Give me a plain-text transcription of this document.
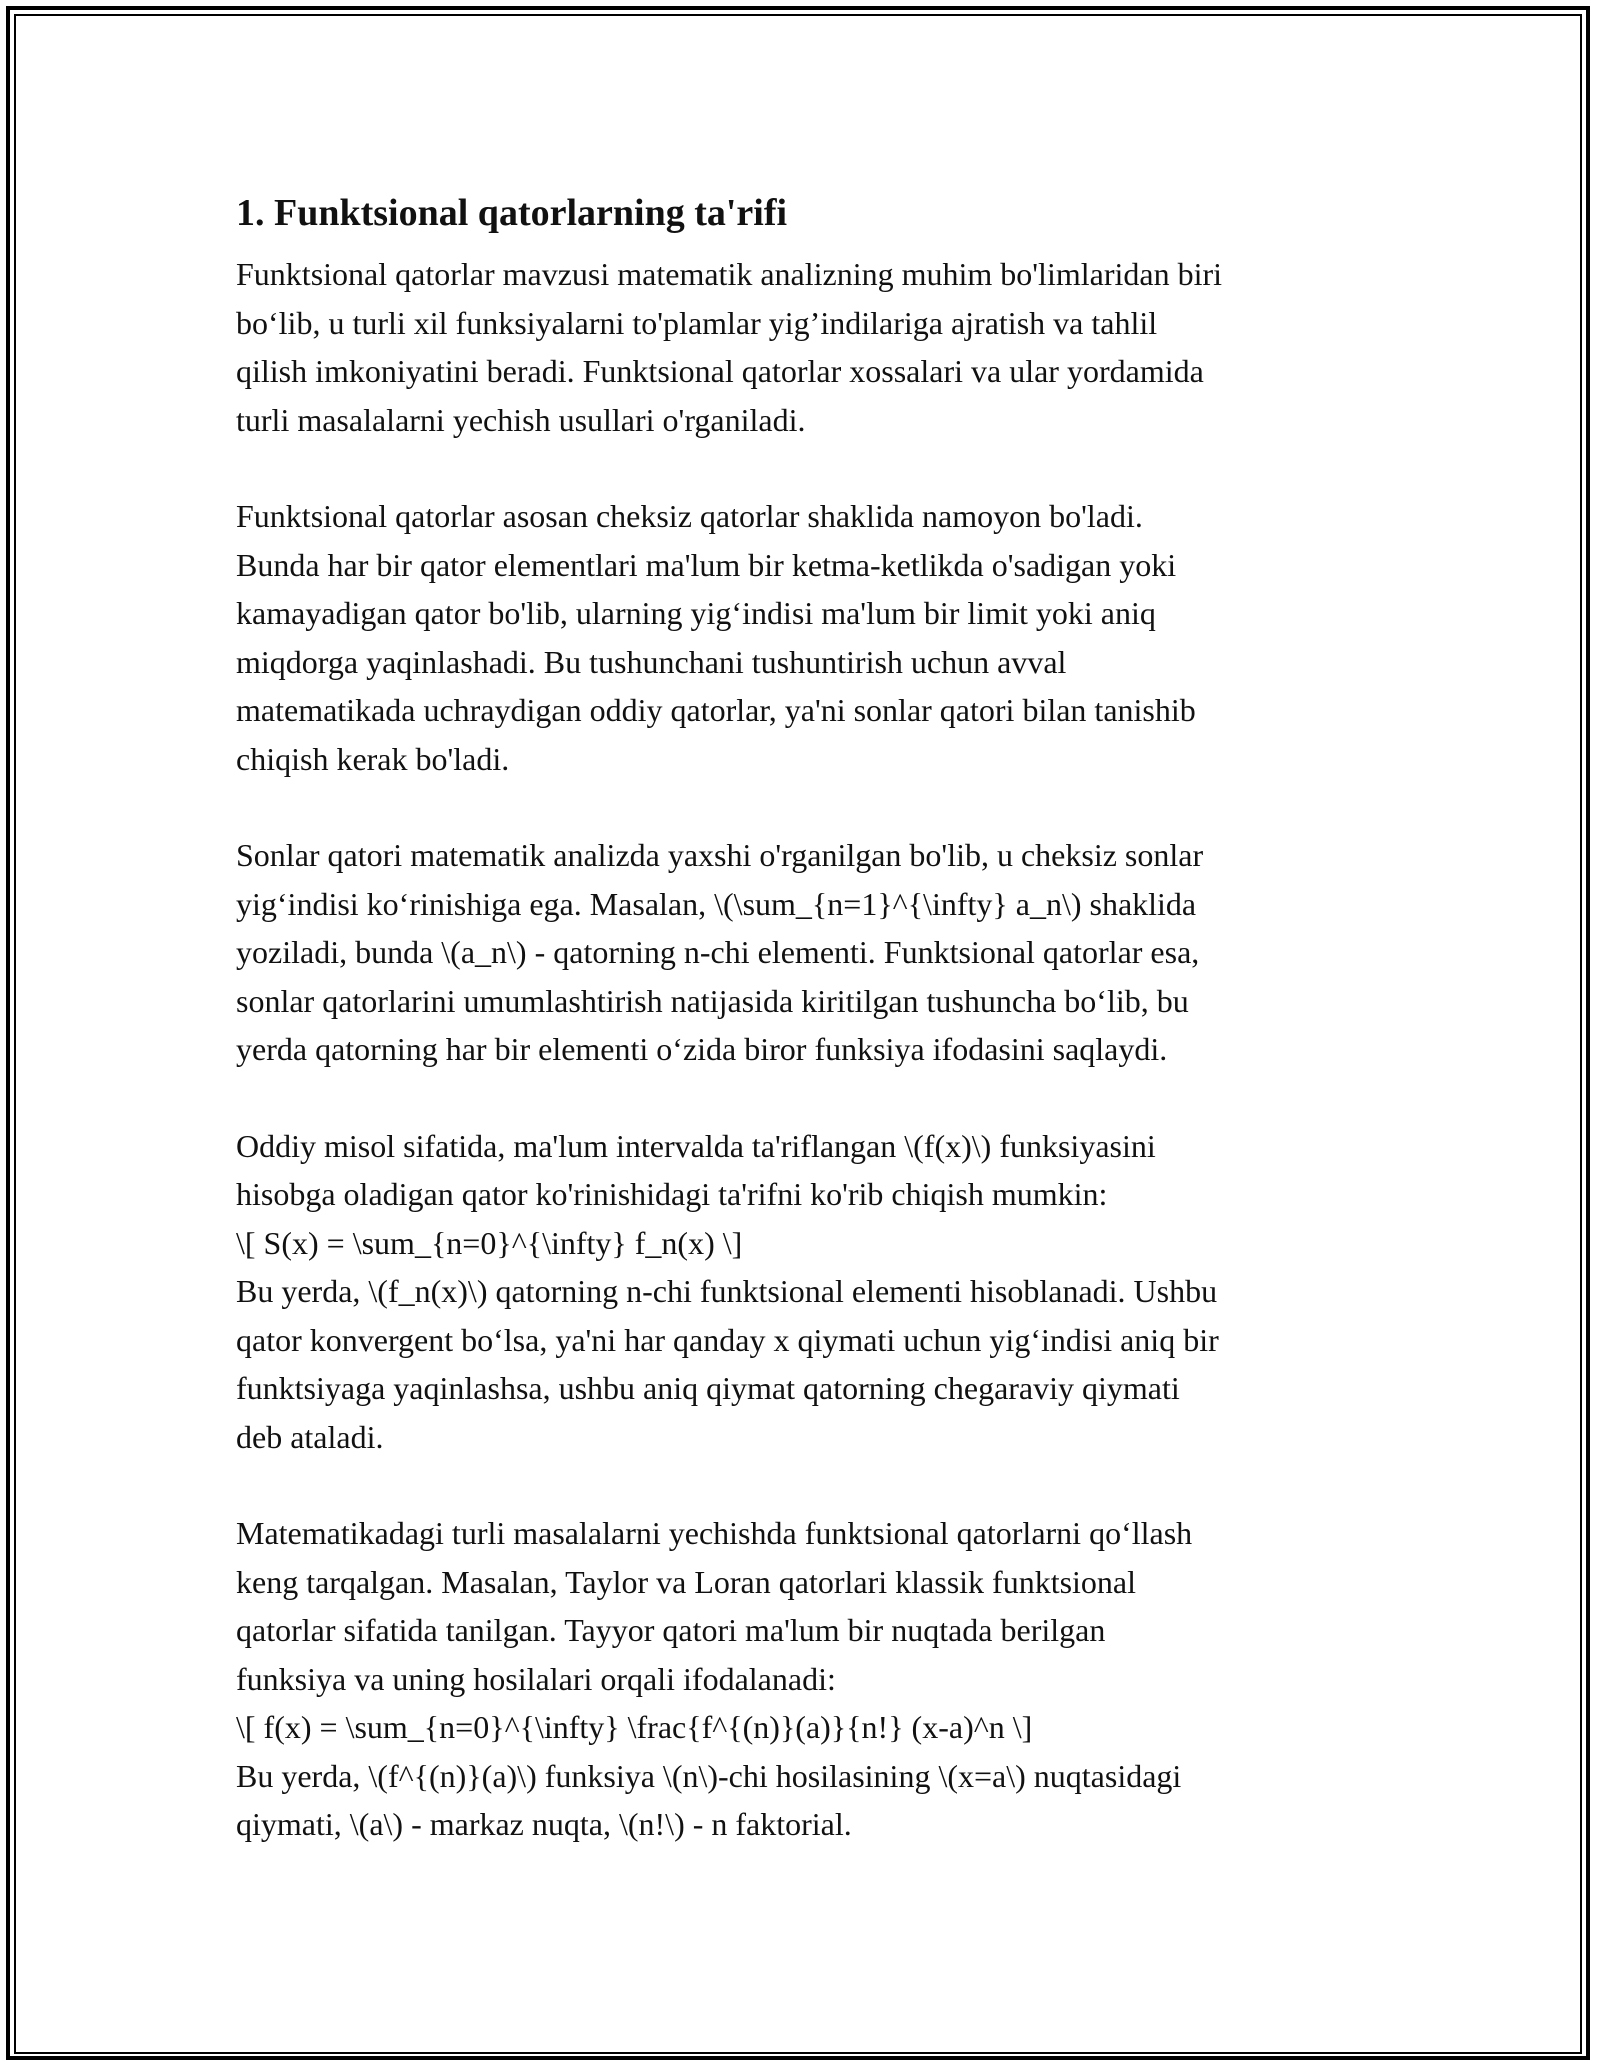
1. Funktsional qatorlarning ta'rifi

Funktsional qatorlar mavzusi matematik analizning muhim bo'limlaridan biri
bo‘lib, u turli xil funksiyalarni to'plamlar yig’indilariga ajratish va tahlil
qilish imkoniyatini beradi. Funktsional qatorlar xossalari va ular yordamida
turli masalalarni yechish usullari o'rganiladi.

Funktsional qatorlar asosan cheksiz qatorlar shaklida namoyon bo'ladi.
Bunda har bir qator elementlari ma'lum bir ketma-ketlikda o'sadigan yoki
kamayadigan qator bo'lib, ularning yig‘indisi ma'lum bir limit yoki aniq
miqdorga yaqinlashadi. Bu tushunchani tushuntirish uchun avval
matematikada uchraydigan oddiy qatorlar, ya'ni sonlar qatori bilan tanishib
chiqish kerak bo'ladi.

Sonlar qatori matematik analizda yaxshi o'rganilgan bo'lib, u cheksiz sonlar
yig‘indisi ko‘rinishiga ega. Masalan, \(\sum_{n=1}^{\infty} a_n\) shaklida
yoziladi, bunda \(a_n\) - qatorning n-chi elementi. Funktsional qatorlar esa,
sonlar qatorlarini umumlashtirish natijasida kiritilgan tushuncha bo‘lib, bu
yerda qatorning har bir elementi o‘zida biror funksiya ifodasini saqlaydi.

Oddiy misol sifatida, ma'lum intervalda ta'riflangan \(f(x)\) funksiyasini
hisobga oladigan qator ko'rinishidagi ta'rifni ko'rib chiqish mumkin:
\[ S(x) = \sum_{n=0}^{\infty} f_n(x) \]
Bu yerda, \(f_n(x)\) qatorning n-chi funktsional elementi hisoblanadi. Ushbu
qator konvergent bo‘lsa, ya'ni har qanday x qiymati uchun yig‘indisi aniq bir
funktsiyaga yaqinlashsa, ushbu aniq qiymat qatorning chegaraviy qiymati
deb ataladi.

Matematikadagi turli masalalarni yechishda funktsional qatorlarni qo‘llash
keng tarqalgan. Masalan, Taylor va Loran qatorlari klassik funktsional
qatorlar sifatida tanilgan. Tayyor qatori ma'lum bir nuqtada berilgan
funksiya va uning hosilalari orqali ifodalanadi:
\[ f(x) = \sum_{n=0}^{\infty} \frac{f^{(n)}(a)}{n!} (x-a)^n \]
Bu yerda, \(f^{(n)}(a)\) funksiya \(n\)-chi hosilasining \(x=a\) nuqtasidagi
qiymati, \(a\) - markaz nuqta, \(n!\) - n faktorial.
